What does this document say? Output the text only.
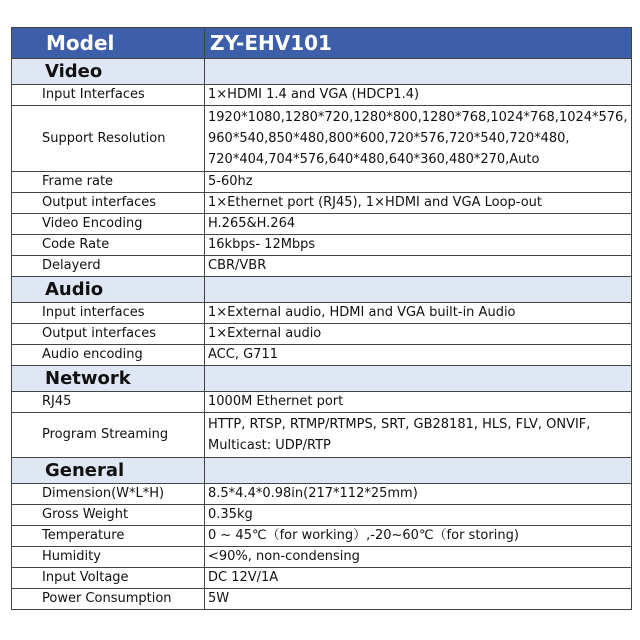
Model	ZY-EHV101
Video	
Input Interfaces	1×HDMI 1.4 and VGA (HDCP1.4)
Support Resolution	1920*1080,1280*720,1280*800,1280*768,1024*768,1024*576,
960*540,850*480,800*600,720*576,720*540,720*480,
720*404,704*576,640*480,640*360,480*270,Auto

Frame rate	5-60hz
Output interfaces	1×Ethernet port (RJ45), 1×HDMI and VGA Loop-out
Video Encoding	H.265&H.264
Code Rate	16kbps- 12Mbps
Delayerd	CBR/VBR
Audio	
Input interfaces	1×External audio, HDMI and VGA built-in Audio
Output interfaces	1×External audio
Audio encoding	ACC, G711
Network	
RJ45	1000M Ethernet port
Program Streaming	HTTP, RTSP, RTMP/RTMPS, SRT, GB28181, HLS, FLV, ONVIF,
Multicast: UDP/RTP

General	
Dimension(W*L*H)	8.5*4.4*0.98in(217*112*25mm)
Gross Weight	0.35kg
Temperature	0 ~ 45℃（for working）,-20~60℃（for storing)
Humidity	<90%, non-condensing
Input Voltage	DC 12V/1A
Power Consumption	5W
